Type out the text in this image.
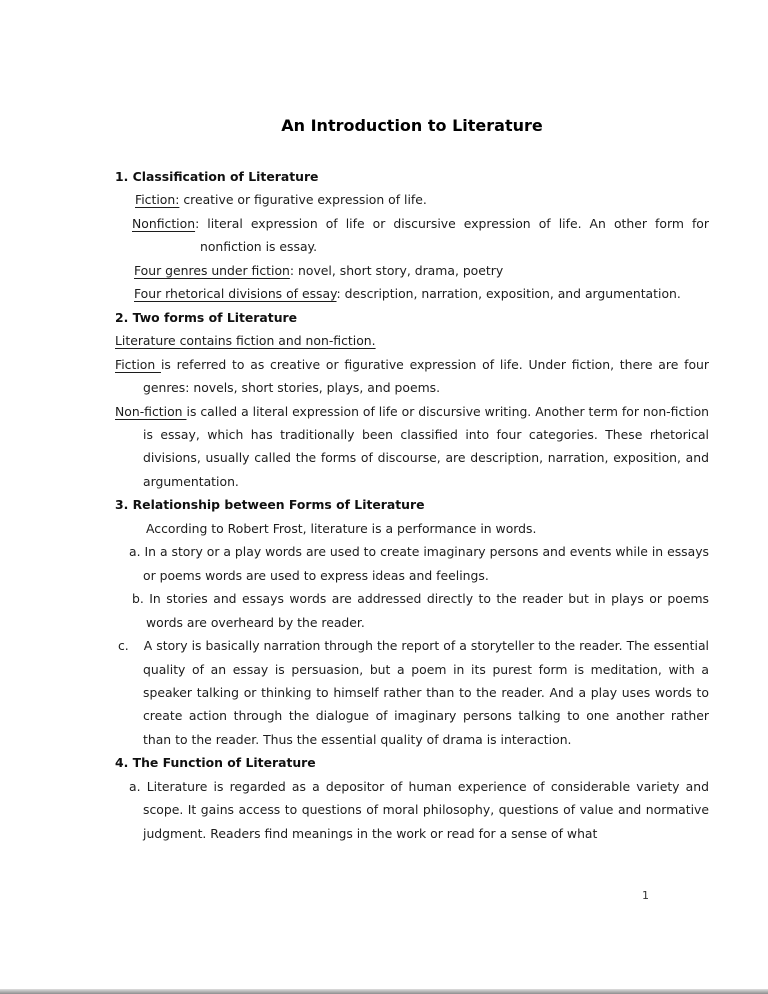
An Introduction to Literature
1. Classification of Literature

Fiction: creative or figurative expression of life.

Nonfiction: literal expression of life or discursive expression of life. An other form for nonfiction is essay.

Four genres under fiction: novel, short story, drama, poetry

Four rhetorical divisions of essay: description, narration, exposition, and argumentation.

2. Two forms of Literature

Literature contains fiction and non-fiction.

Fiction is referred to as creative or figurative expression of life. Under fiction, there are four genres: novels, short stories, plays, and poems.

Non-fiction is called a literal expression of life or discursive writing. Another term for non-fiction is essay, which has traditionally been classified into four categories. These rhetorical divisions, usually called the forms of discourse, are description, narration, exposition, and argumentation.

3. Relationship between Forms of Literature

According to Robert Frost, literature is a performance in words.

a. In a story or a play words are used to create imaginary persons and events while in essays or poems words are used to express ideas and feelings.

b. In stories and essays words are addressed directly to the reader but in plays or poems words are overheard by the reader.

c. A story is basically narration through the report of a storyteller to the reader. The essential quality of an essay is persuasion, but a poem in its purest form is meditation, with a speaker talking or thinking to himself rather than to the reader. And a play uses words to create action through the dialogue of imaginary persons talking to one another rather than to the reader. Thus the essential quality of drama is interaction.

4. The Function of Literature

a. Literature is regarded as a depositor of human experience of considerable variety and scope. It gains access to questions of moral philosophy, questions of value and normative judgment. Readers find meanings in the work or read for a sense of what

1
